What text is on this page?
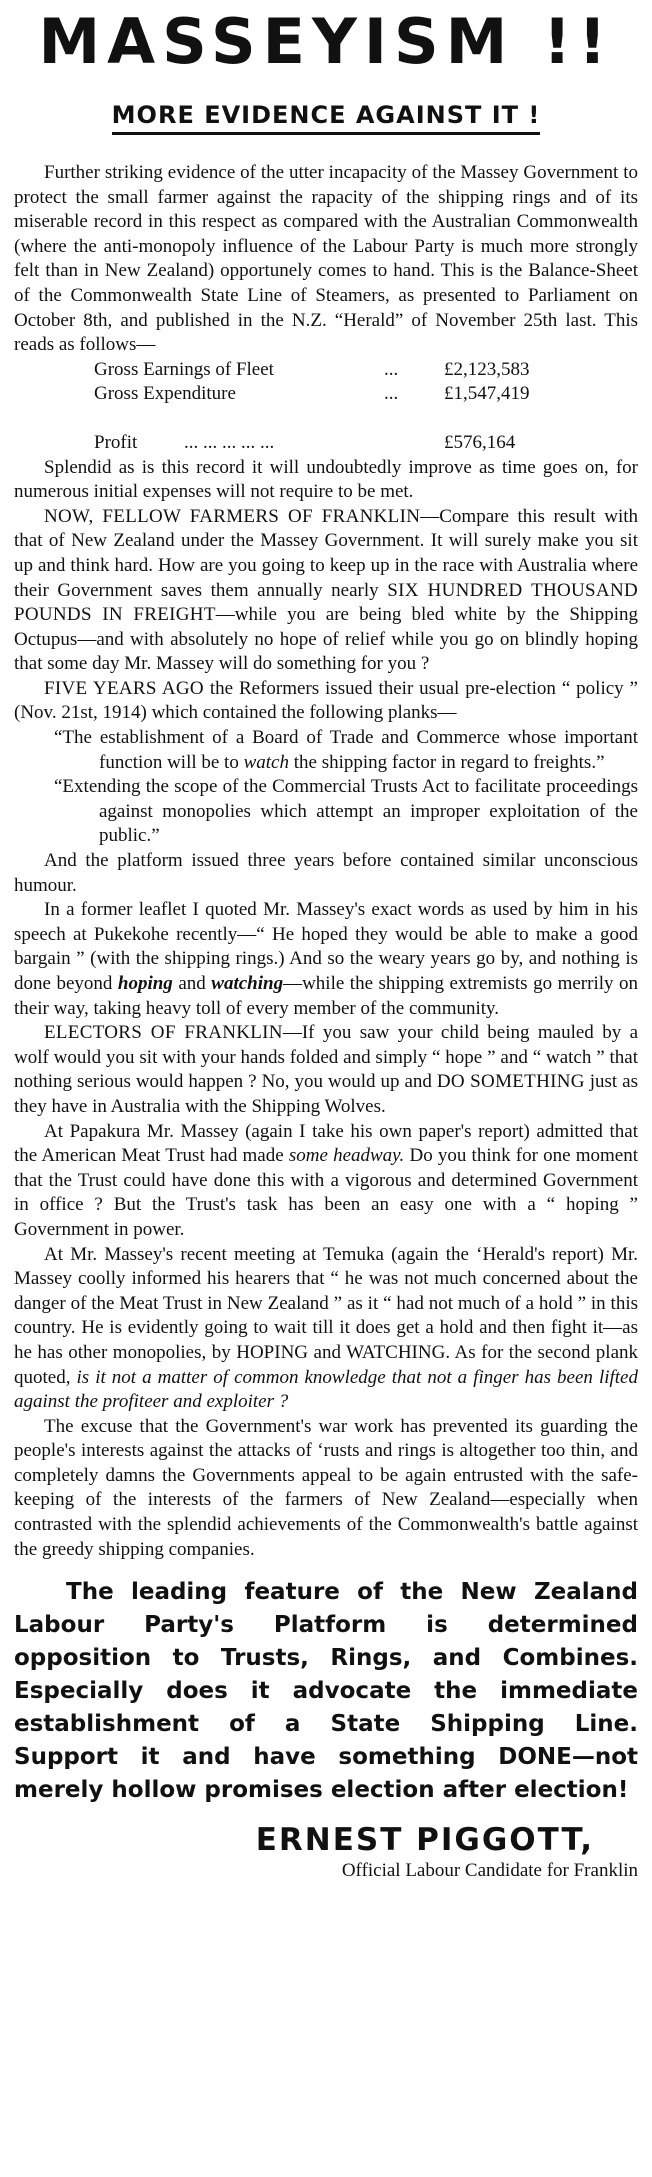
MASSEYISM !!
MORE EVIDENCE AGAINST IT !

Further striking evidence of the utter incapacity of the Massey Government to protect the small farmer against the rapacity of the shipping rings and of its miserable record in this respect as compared with the Australian Commonwealth (where the anti-monopoly influence of the Labour Party is much more strongly felt than in New Zealand) opportunely comes to hand. This is the Balance-Sheet of the Commonwealth State Line of Steamers, as presented to Parliament on October 8th, and published in the N.Z. “Herald” of November 25th last. This reads as follows—

Gross Earnings of Fleet	...	£2,123,583
Gross Expenditure	...	£1,547,419
Profit	... ... ... ... ...	£576,164

Splendid as is this record it will undoubtedly improve as time goes on, for numerous initial expenses will not require to be met.

NOW, FELLOW FARMERS OF FRANKLIN—Compare this result with that of New Zealand under the Massey Government. It will surely make you sit up and think hard. How are you going to keep up in the race with Australia where their Government saves them annually nearly SIX HUNDRED THOUSAND POUNDS IN FREIGHT—while you are being bled white by the Shipping Octupus—and with absolutely no hope of relief while you go on blindly hoping that some day Mr. Massey will do something for you ?

FIVE YEARS AGO the Reformers issued their usual pre-election “ policy ” (Nov. 21st, 1914) which contained the following planks—

“The establishment of a Board of Trade and Commerce whose important function will be to watch the shipping factor in regard to freights.”

“Extending the scope of the Commercial Trusts Act to facilitate proceedings against monopolies which attempt an improper exploitation of the public.”

And the platform issued three years before contained similar unconscious humour.

In a former leaflet I quoted Mr. Massey's exact words as used by him in his speech at Pukekohe recently—“ He hoped they would be able to make a good bargain ” (with the shipping rings.) And so the weary years go by, and nothing is done beyond hoping and watching—while the shipping extremists go merrily on their way, taking heavy toll of every member of the community.

ELECTORS OF FRANKLIN—If you saw your child being mauled by a wolf would you sit with your hands folded and simply “ hope ” and “ watch ” that nothing serious would happen ? No, you would up and DO SOMETHING just as they have in Australia with the Shipping Wolves.

At Papakura Mr. Massey (again I take his own paper's report) admitted that the American Meat Trust had made some headway. Do you think for one moment that the Trust could have done this with a vigorous and determined Government in office ? But the Trust's task has been an easy one with a “ hoping ” Government in power.

At Mr. Massey's recent meeting at Temuka (again the ‘Herald's report) Mr. Massey coolly informed his hearers that “ he was not much concerned about the danger of the Meat Trust in New Zealand ” as it “ had not much of a hold ” in this country. He is evidently going to wait till it does get a hold and then fight it—as he has other monopolies, by HOPING and WATCHING. As for the second plank quoted, is it not a matter of common knowledge that not a finger has been lifted against the profiteer and exploiter ?

The excuse that the Government's war work has prevented its guarding the people's interests against the attacks of ‘rusts and rings is altogether too thin, and completely damns the Governments appeal to be again entrusted with the safe-keeping of the interests of the farmers of New Zealand—especially when contrasted with the splendid achievements of the Commonwealth's battle against the greedy shipping companies.

The leading feature of the New Zealand Labour Party's Platform is determined opposition to Trusts, Rings, and Combines. Especially does it advocate the immediate establishment of a State Shipping Line. Support it and have something DONE—not merely hollow promises election after election!

ERNEST PIGGOTT,
Official Labour Candidate for Franklin
